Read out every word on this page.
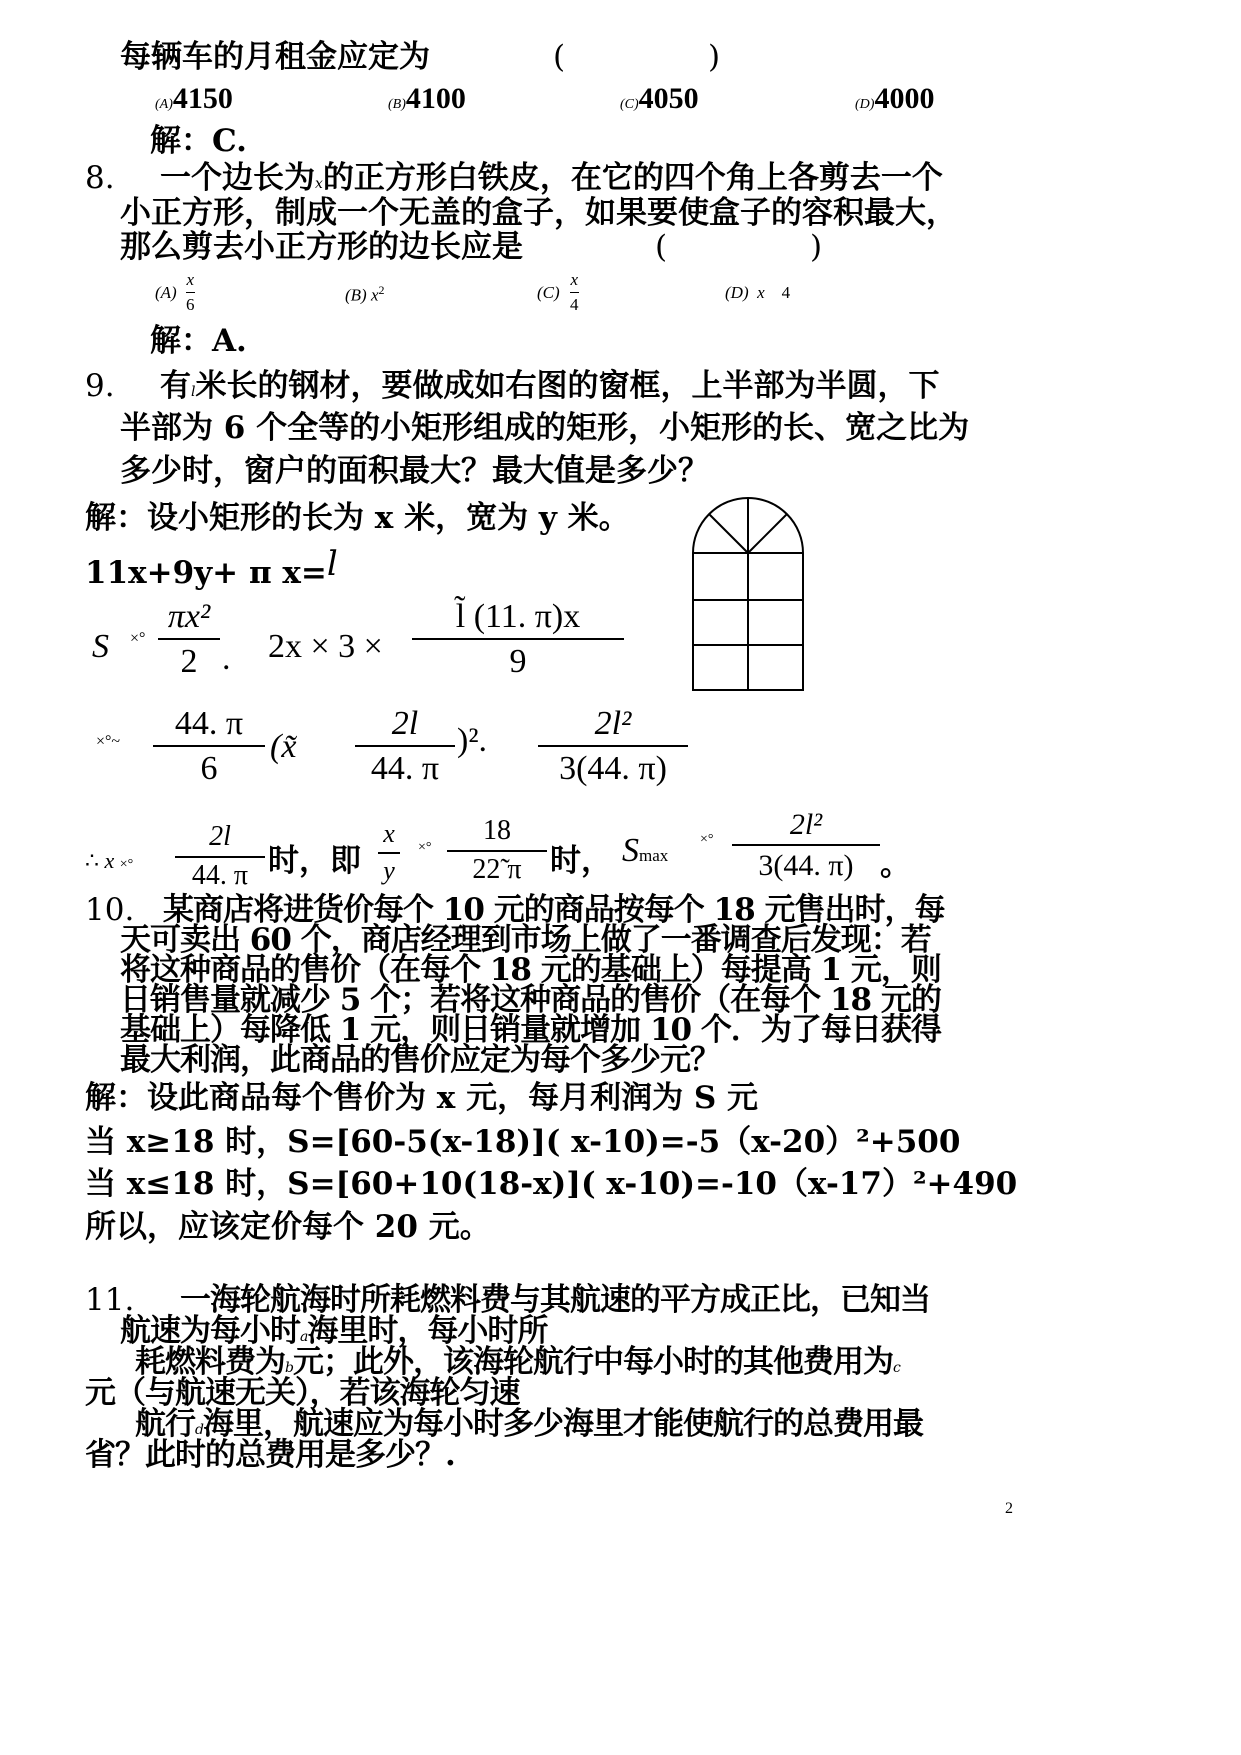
每辆车的月租金应定为	(	)
(A)4150	(B)4100	(C)4050	(D)4000
解：C.
8. 一个边长为x的正方形白铁皮，在它的四个角上各剪去一个
小正方形，制成一个无盖的盒子，如果要使盒子的容积最大，
那么剪去小正方形的边长应是	(	)
(A)
x
6	(B) $x^2$	(C)
x
4
(D) x 4
解：A.
9. 有l米长的钢材，要做成如右图的窗框，上半部为半圆，下
半部为 6 个全等的小矩形组成的矩形，小矩形的长、宽之比为
多少时，窗户的面积最大？最大值是多少？
解：设小矩形的长为 x 米，宽为 y 米。
11x+9y+ π x=l
S ×°
πx²
2 . 2x × 3 ×
l̃ (11. π)x
9
×°~	44. π
6
(x̃
2l
44. π
)².	2l²
3(44. π)
∴ x ×°
2l
44. π 时，即
x
y
×°
18
22̃ π 时， Smax
×°	2l²
3(44. π) 。
10. 某商店将进货价每个 10 元的商品按每个 18 元售出时，每
天可卖出 60 个，商店经理到市场上做了一番调查后发现：若
将这种商品的售价（在每个 18 元的基础上）每提高 1 元，则
日销售量就减少 5 个；若将这种商品的售价（在每个 18 元的
基础上）每降低 1 元，则日销量就增加 10 个．为了每日获得
最大利润，此商品的售价应定为每个多少元？
解：设此商品每个售价为 x 元，每月利润为 S 元
当 x≥18 时，S=[60-5(x-18)]( x-10)=-5（x-20）²+500
当 x≤18 时，S=[60+10(18-x)]( x-10)=-10（x-17）²+490
所以，应该定价每个 20 元。
11. 一海轮航海时所耗燃料费与其航速的平方成正比，已知当
航速为每小时a海里时，每小时所
耗燃料费为b元；此外，该海轮航行中每小时的其他费用为c
元（与航速无关），若该海轮匀速
航行d海里，航速应为每小时多少海里才能使航行的总费用最
省？此时的总费用是多少？.
2
